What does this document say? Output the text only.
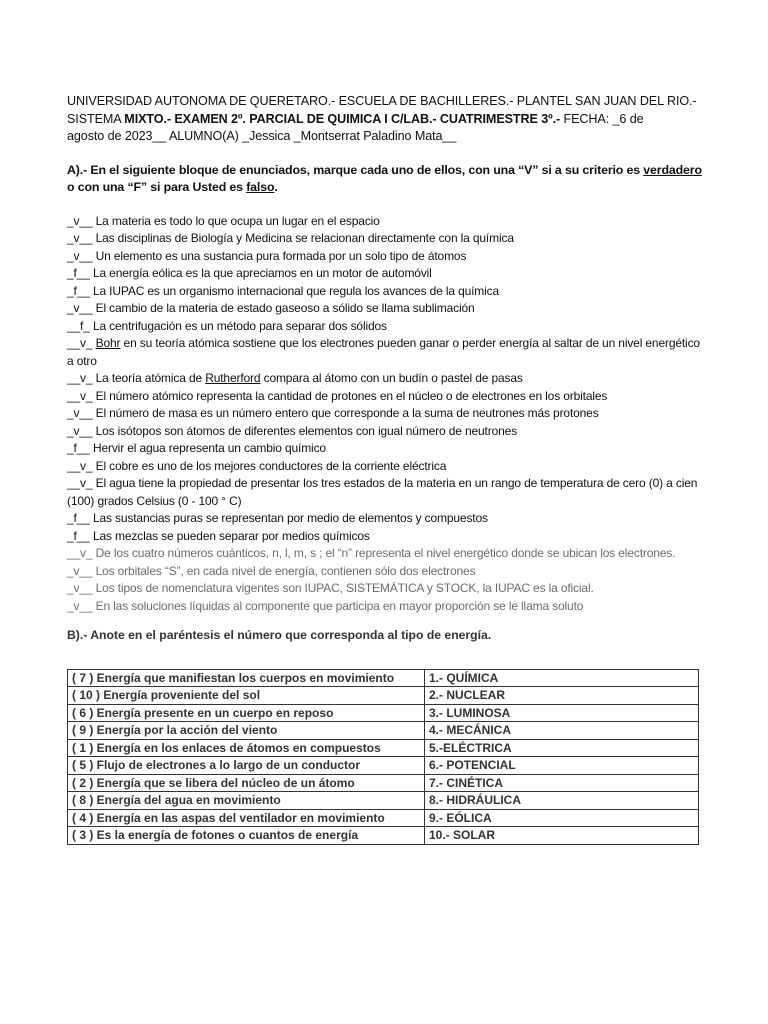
UNIVERSIDAD AUTONOMA DE QUERETARO.- ESCUELA DE BACHILLERES.- PLANTEL SAN JUAN DEL RIO.-
SISTEMA MIXTO.- EXAMEN 2º. PARCIAL DE QUIMICA I C/LAB.- CUATRIMESTRE 3º.- FECHA: _6 de
agosto de 2023__ ALUMNO(A) _Jessica _Montserrat Paladino Mata__
A).- En el siguiente bloque de enunciados, marque cada uno de ellos, con una “V” si a su criterio es verdadero
o con una “F” si para Usted es falso.
_v__ La materia es todo lo que ocupa un lugar en el espacio
_v__ Las disciplinas de Biología y Medicina se relacionan directamente con la química
_v__ Un elemento es una sustancia pura formada por un solo tipo de átomos
_f__ La energía eólica es la que apreciamos en un motor de automóvil
_f__ La IUPAC es un organismo internacional que regula los avances de la química
_v__ El cambio de la materia de estado gaseoso a sólido se llama sublimación
__f_ La centrifugación es un método para separar dos sólidos
__v_ Bohr en su teoría atómica sostiene que los electrones pueden ganar o perder energía al saltar de un nivel energético a otro
__v_ La teoría atómica de Rutherford compara al átomo con un budín o pastel de pasas
__v_ El número atómico representa la cantidad de protones en el núcleo o de electrones en los orbitales
_v__ El número de masa es un número entero que corresponde a la suma de neutrones más protones
_v__ Los isótopos son átomos de diferentes elementos con igual número de neutrones
_f__ Hervir el agua representa un cambio químico
__v_ El cobre es uno de los mejores conductores de la corriente eléctrica
__v_ El agua tiene la propiedad de presentar los tres estados de la materia en un rango de temperatura de cero (0) a cien (100) grados Celsius (0 - 100 ° C)
_f__ Las sustancias puras se representan por medio de elementos y compuestos
_f__ Las mezclas se pueden separar por medios químicos
__v_ De los cuatro números cuánticos, n, l, m, s ; el “n” representa el nivel energético donde se ubican los electrones.
_v__ Los orbitales “S”, en cada nivel de energía, contienen sólo dos electrones
_v__ Los tipos de nomenclatura vigentes son IUPAC, SISTEMÁTICA y STOCK, la IUPAC es la oficial.
_v__ En las soluciones líquidas al componente que participa en mayor proporción se le llama soluto
B).- Anote en el paréntesis el número que corresponda al tipo de energía.
( 7 ) Energía que manifiestan los cuerpos en movimiento	1.- QUÍMICA
( 10 ) Energía proveniente del sol	2.- NUCLEAR
( 6 ) Energía presente en un cuerpo en reposo	3.- LUMINOSA
( 9 ) Energía por la acción del viento	4.- MECÁNICA
( 1 ) Energía en los enlaces de átomos en compuestos	5.-ELÉCTRICA
( 5 ) Flujo de electrones a lo largo de un conductor	6.- POTENCIAL
( 2 ) Energía que se libera del núcleo de un átomo	7.- CINÉTICA
( 8 ) Energía del agua en movimiento	8.- HIDRÁULICA
( 4 ) Energía en las aspas del ventilador en movimiento	9.- EÓLICA
( 3 ) Es la energía de fotones o cuantos de energía	10.- SOLAR
